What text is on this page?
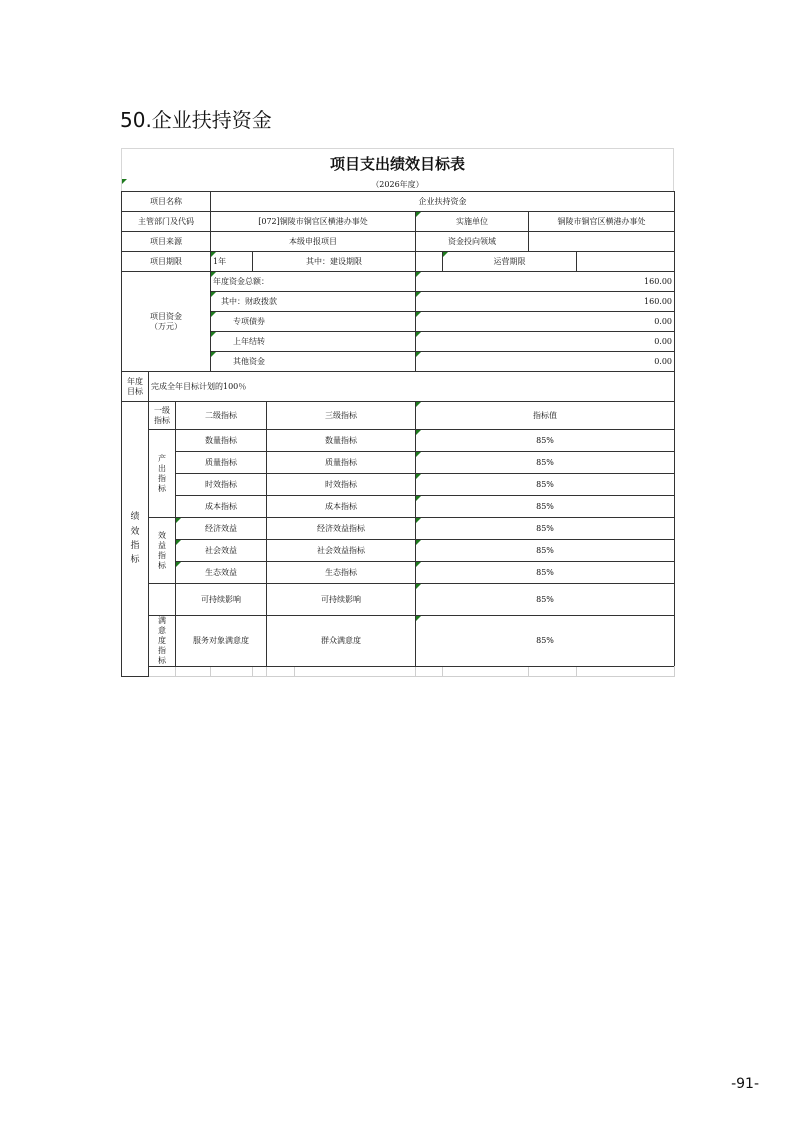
50.企业扶持资金
项目支出绩效目标表
（2026年度）
项目名称			企业扶持资金								
主管部门及代码			[072]铜陵市铜官区横港办事处				实施单位		铜陵市铜官区横港办事处		
项目来源			本级申报项目				资金投向领域				
项目期限			1年	其中：建设期限				运营期限			
项目资金
（万元）			年度资金总额：				160.00				
			其中：财政拨款				160.00				
			专项债券				0.00				
			上年结转				0.00				
			其他资金				0.00				
年度目标	完成全年目标计划的100％										
绩效指标	一级指标	二级指标			三级指标		指标值				
	产出指标	数量指标			数量指标		85%				
		质量指标			质量指标		85%				
		时效指标			时效指标		85%				
		成本指标			成本指标		85%				
	效益指标	经济效益			经济效益指标		85%				
		社会效益			社会效益指标		85%				
		生态效益			生态指标		85%				
		可持续影响			可持续影响		85%				
	满意度指标	服务对象满意度			群众满意度		85%				

-91-
